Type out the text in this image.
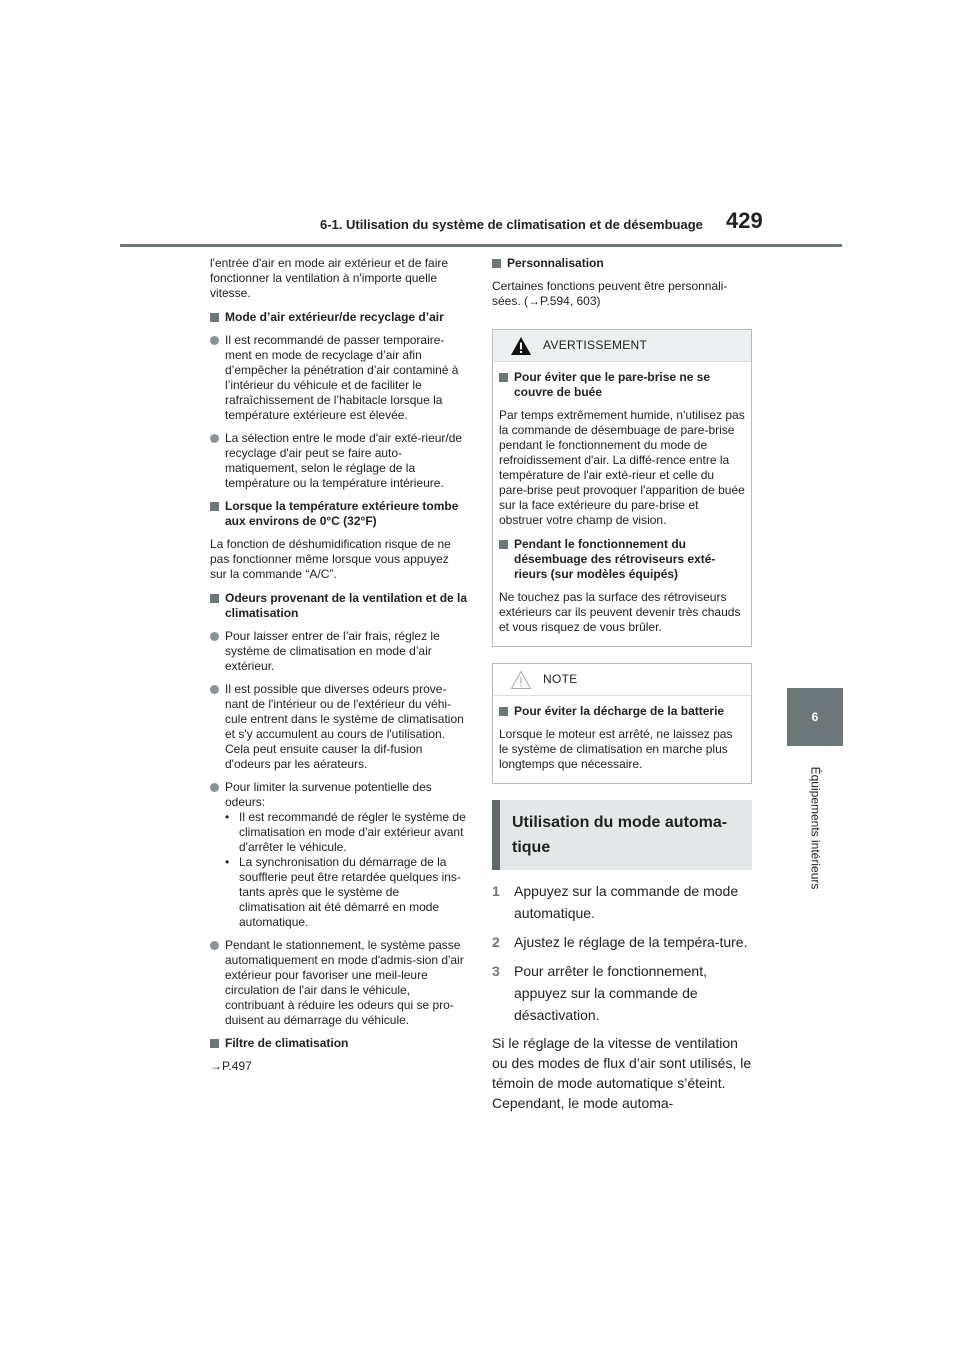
6-1. Utilisation du système de climatisation et de désembuage 429
6
Équipements intérieurs

l'entrée d'air en mode air extérieur et de faire fonctionner la ventilation à n'importe quelle vitesse.

Mode d’air extérieur/de recyclage d’air
Il est recommandé de passer temporaire-ment en mode de recyclage d’air afin d’empêcher la pénétration d’air contaminé à l’intérieur du véhicule et de faciliter le rafraîchissement de l’habitacle lorsque la température extérieure est élevée.
La sélection entre le mode d'air exté-rieur/de recyclage d'air peut se faire auto-matiquement, selon le réglage de la température ou la température intérieure.
Lorsque la température extérieure tombe aux environs de 0°C (32°F)

La fonction de déshumidification risque de ne pas fonctionner même lorsque vous appuyez sur la commande “A/C”.

Odeurs provenant de la ventilation et de la climatisation
Pour laisser entrer de l’air frais, réglez le système de climatisation en mode d’air extérieur.
Il est possible que diverses odeurs prove-nant de l'intérieur ou de l'extérieur du véhi-cule entrent dans le système de climatisation et s'y accumulent au cours de l'utilisation. Cela peut ensuite causer la dif-fusion d'odeurs par les aérateurs.
Pour limiter la survenue potentielle des odeurs:
• Il est recommandé de régler le système de climatisation en mode d'air extérieur avant d'arrêter le véhicule.
• La synchronisation du démarrage de la soufflerie peut être retardée quelques ins-tants après que le système de climatisation ait été démarré en mode automatique.
Pendant le stationnement, le système passe automatiquement en mode d'admis-sion d'air extérieur pour favoriser une meil-leure circulation de l'air dans le véhicule, contribuant à réduire les odeurs qui se pro-duisent au démarrage du véhicule.
Filtre de climatisation
→P.497
Personnalisation

Certaines fonctions peuvent être personnali-sées. (→P.594, 603)

AVERTISSEMENT
Pour éviter que le pare-brise ne se couvre de buée

Par temps extrêmement humide, n'utilisez pas la commande de désembuage de pare-brise pendant le fonctionnement du mode de refroidissement d'air. La diffé-rence entre la température de l'air exté-rieur et celle du pare-brise peut provoquer l'apparition de buée sur la face extérieure du pare-brise et obstruer votre champ de vision.

Pendant le fonctionnement du désembuage des rétroviseurs exté-rieurs (sur modèles équipés)

Ne touchez pas la surface des rétroviseurs extérieurs car ils peuvent devenir très chauds et vous risquez de vous brûler.

NOTE
Pour éviter la décharge de la batterie

Lorsque le moteur est arrêté, ne laissez pas le système de climatisation en marche plus longtemps que nécessaire.

Utilisation du mode automa-tique
1	Appuyez sur la commande de mode automatique.
2	Ajustez le réglage de la tempéra-ture.
3	Pour arrêter le fonctionnement, appuyez sur la commande de désactivation.

Si le réglage de la vitesse de ventilation ou des modes de flux d’air sont utilisés, le témoin de mode automatique s’éteint. Cependant, le mode automa-
